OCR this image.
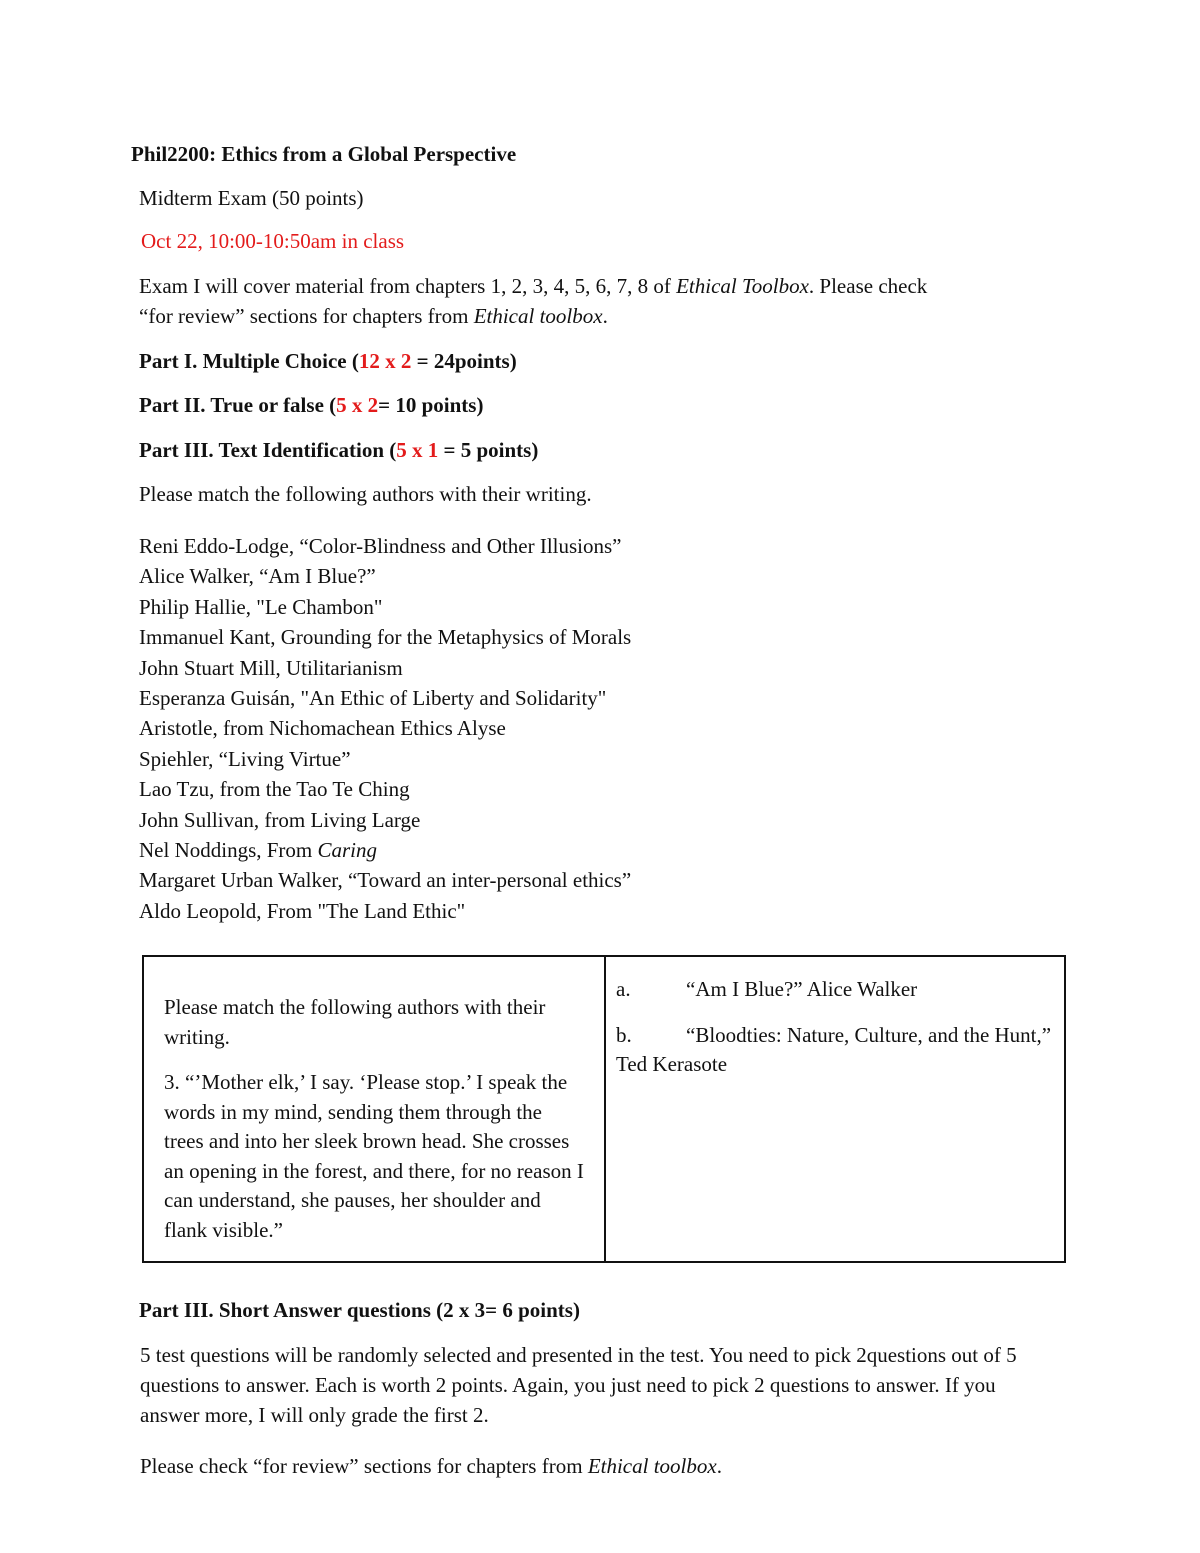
Phil2200: Ethics from a Global Perspective
Midterm Exam (50 points)
Oct 22, 10:00-10:50am in class
Exam I will cover material from chapters 1, 2, 3, 4, 5, 6, 7, 8 of Ethical Toolbox. Please check
“for review” sections for chapters from Ethical toolbox.
Part I. Multiple Choice (12 x 2 = 24points)
Part II. True or false (5 x 2= 10 points)
Part III. Text Identification (5 x 1 = 5 points)
Please match the following authors with their writing.
Reni Eddo-Lodge, “Color-Blindness and Other Illusions”
Alice Walker, “Am I Blue?”
Philip Hallie, "Le Chambon"
Immanuel Kant, Grounding for the Metaphysics of Morals
John Stuart Mill, Utilitarianism
Esperanza Guisán, "An Ethic of Liberty and Solidarity"
Aristotle, from Nichomachean Ethics Alyse
Spiehler, “Living Virtue”
Lao Tzu, from the Tao Te Ching
John Sullivan, from Living Large
Nel Noddings, From Caring
Margaret Urban Walker, “Toward an inter-personal ethics”
Aldo Leopold, From "The Land Ethic"

Please match the following authors with their writing.

3. “’Mother elk,’ I say. ‘Please stop.’ I speak the words in my mind, sending them through the trees and into her sleek brown head. She crosses an opening in the forest, and there, for no reason I can understand, she pauses, her shoulder and flank visible.”

a.	“Am I Blue?” Alice Walker

b.	“Bloodties: Nature, Culture, and the Hunt,” Ted Kerasote

Part III. Short Answer questions (2 x 3= 6 points)
5 test questions will be randomly selected and presented in the test. You need to pick 2questions out of 5 questions to answer. Each is worth 2 points. Again, you just need to pick 2 questions to answer. If you answer more, I will only grade the first 2.
Please check “for review” sections for chapters from Ethical toolbox.
